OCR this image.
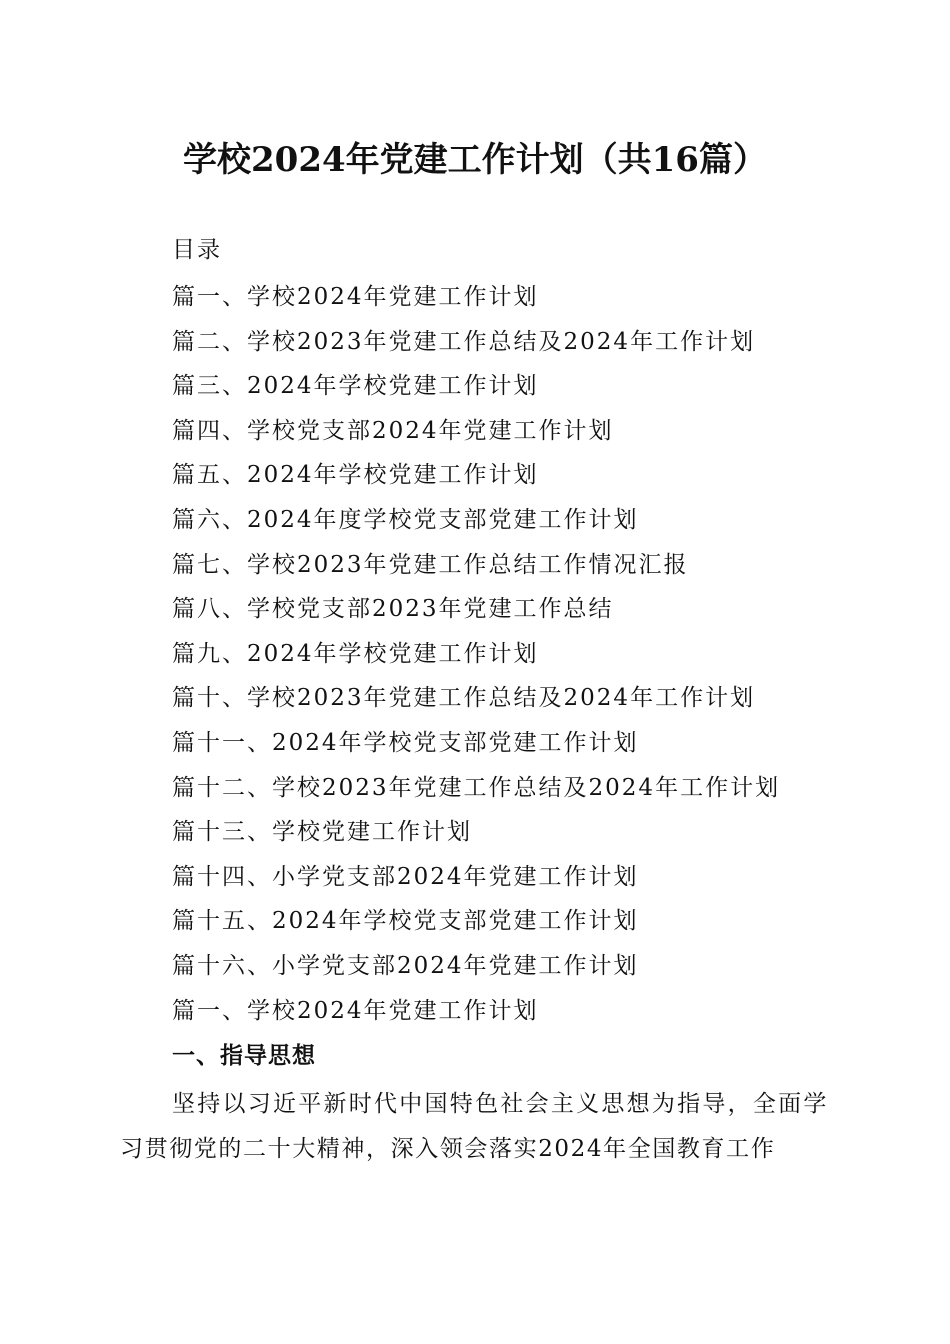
学校2024年党建工作计划（共16篇）

目录

篇一、学校2024年党建工作计划
篇二、学校2023年党建工作总结及2024年工作计划
篇三、2024年学校党建工作计划
篇四、学校党支部2024年党建工作计划
篇五、2024年学校党建工作计划
篇六、2024年度学校党支部党建工作计划
篇七、学校2023年党建工作总结工作情况汇报
篇八、学校党支部2023年党建工作总结
篇九、2024年学校党建工作计划
篇十、学校2023年党建工作总结及2024年工作计划
篇十一、2024年学校党支部党建工作计划
篇十二、学校2023年党建工作总结及2024年工作计划
篇十三、学校党建工作计划
篇十四、小学党支部2024年党建工作计划
篇十五、2024年学校党支部党建工作计划
篇十六、小学党支部2024年党建工作计划
篇一、学校2024年党建工作计划
一、指导思想

坚持以习近平新时代中国特色社会主义思想为指导，全面学习贯彻党的二十大精神，深入领会落实2024年全国教育工作
